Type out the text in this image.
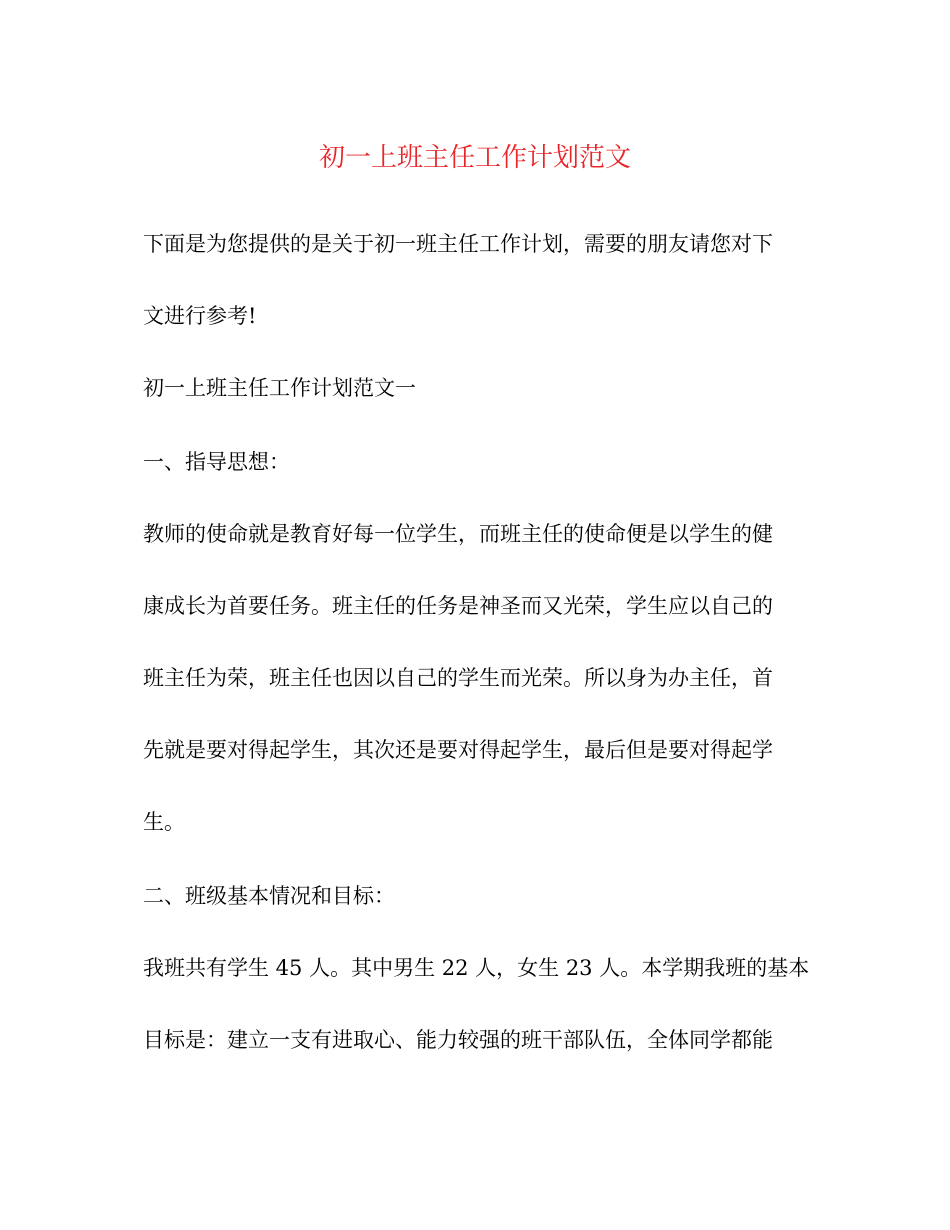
初一上班主任工作计划范文

下面是为您提供的是关于初一班主任工作计划，需要的朋友请您对下

文进行参考!

初一上班主任工作计划范文一

一、指导思想：

教师的使命就是教育好每一位学生，而班主任的使命便是以学生的健

康成长为首要任务。班主任的任务是神圣而又光荣，学生应以自己的

班主任为荣，班主任也因以自己的学生而光荣。所以身为办主任，首

先就是要对得起学生，其次还是要对得起学生，最后但是要对得起学

生。

二、班级基本情况和目标：

我班共有学生 45 人。其中男生 22 人，女生 23 人。本学期我班的基本

目标是：建立一支有进取心、能力较强的班干部队伍，全体同学都能
